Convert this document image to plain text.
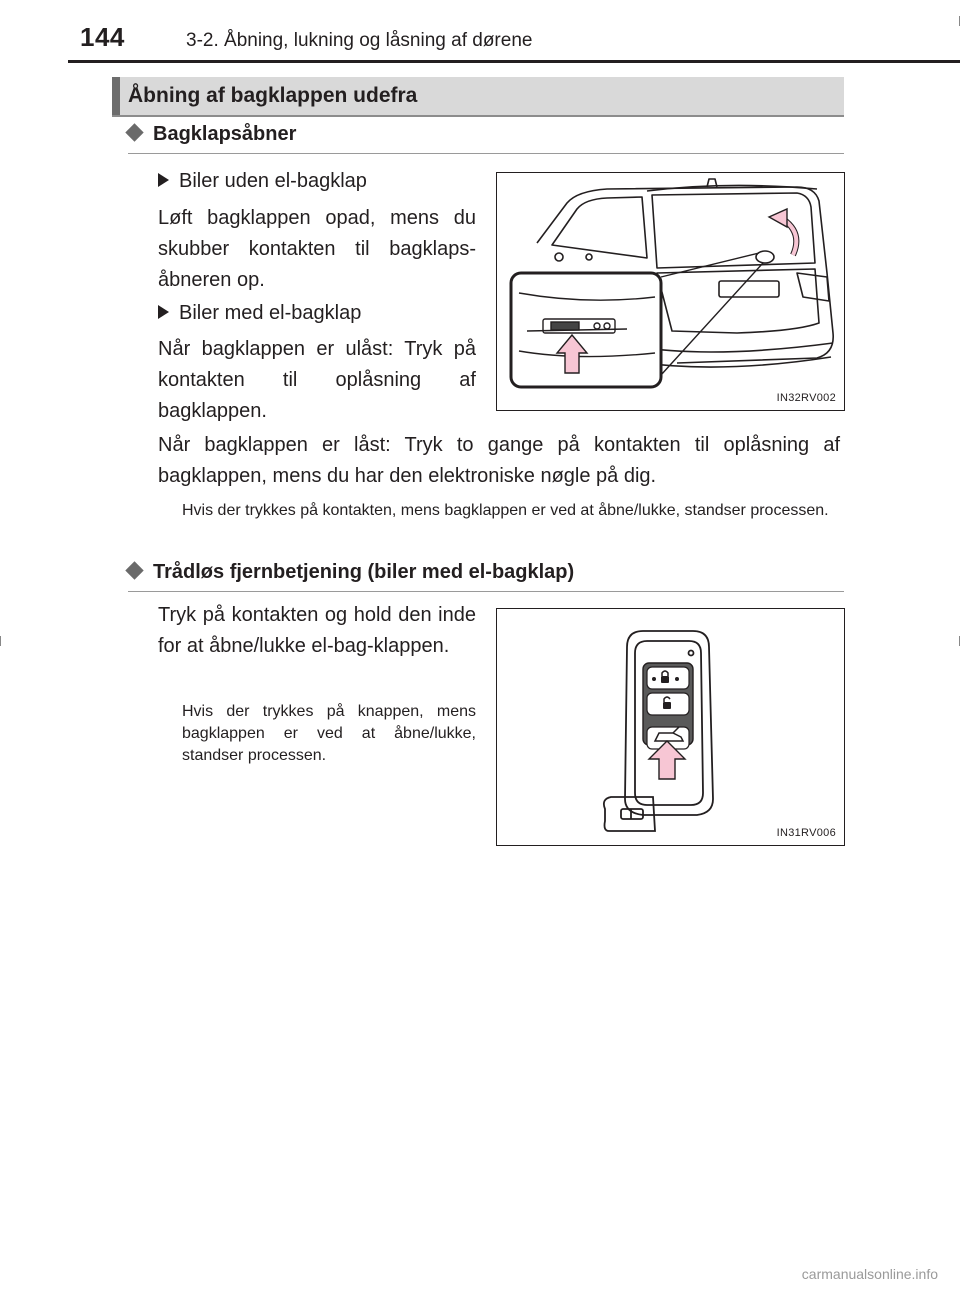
144	3-2. Åbning, lukning og låsning af dørene
Åbning af bagklappen udefra
Bagklapsåbner
Biler uden el-bagklap
Løft bagklappen opad, mens du skubber kontakten til bagklaps-åbneren op.
Biler med el-bagklap
Når bagklappen er ulåst: Tryk på kontakten til oplåsning af bagklappen.
Når bagklappen er låst: Tryk to gange på kontakten til oplåsning af bagklappen, mens du har den elektroniske nøgle på dig.
Hvis der trykkes på kontakten, mens bagklappen er ved at åbne/lukke, standser processen.
IN32RV002
Trådløs fjernbetjening (biler med el-bagklap)
Tryk på kontakten og hold den inde for at åbne/lukke el-bag-klappen.
Hvis der trykkes på knappen, mens bagklappen er ved at åbne/lukke, standser processen.
IN31RV006
carmanualsonline.info
